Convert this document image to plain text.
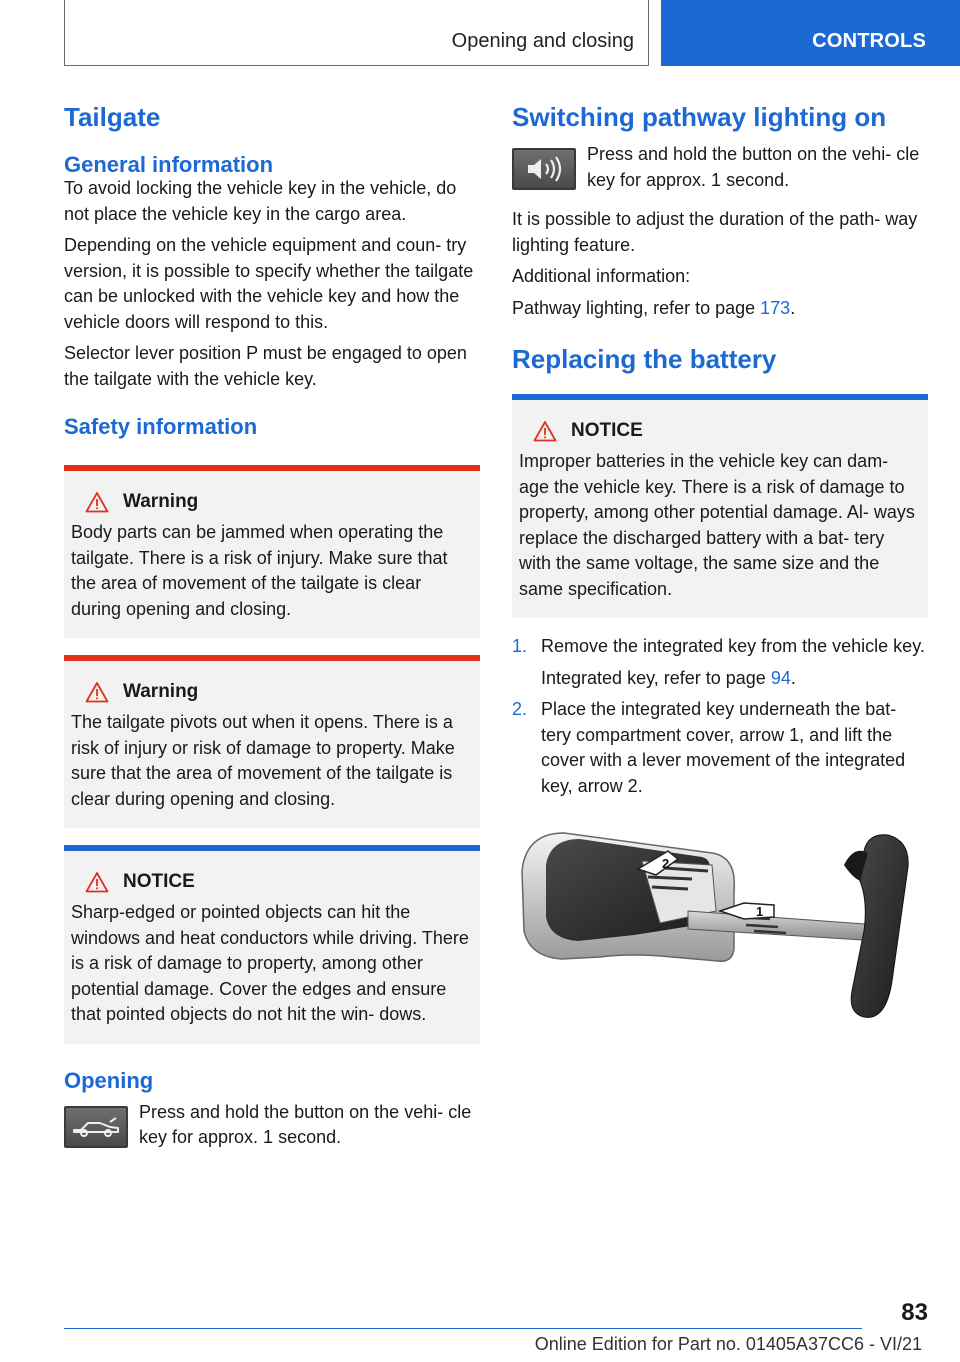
Opening and closing	CONTROLS
Tailgate
General information

To avoid locking the vehicle key in the vehicle, do not place the vehicle key in the cargo area.

Depending on the vehicle equipment and coun‐ try version, it is possible to specify whether the tailgate can be unlocked with the vehicle key and how the vehicle doors will respond to this.

Selector lever position P must be engaged to open the tailgate with the vehicle key.

Safety information
Warning

Body parts can be jammed when operating the tailgate. There is a risk of injury. Make sure that the area of movement of the tailgate is clear during opening and closing.

Warning

The tailgate pivots out when it opens. There is a risk of injury or risk of damage to property. Make sure that the area of movement of the tailgate is clear during opening and closing.

NOTICE

Sharp-edged or pointed objects can hit the windows and heat conductors while driving. There is a risk of damage to property, among other potential damage. Cover the edges and ensure that pointed objects do not hit the win‐ dows.

Opening

Press and hold the button on the vehi‐ cle key for approx. 1 second.

Switching pathway lighting on

Press and hold the button on the vehi‐ cle key for approx. 1 second.

It is possible to adjust the duration of the path‐ way lighting feature.

Additional information:

Pathway lighting, refer to page 173.

Replacing the battery
NOTICE

Improper batteries in the vehicle key can dam‐ age the vehicle key. There is a risk of damage to property, among other potential damage. Al‐ ways replace the discharged battery with a bat‐ tery with the same voltage, the same size and the same specification.

1. Remove the integrated key from the vehicle key.

Integrated key, refer to page 94.

2. Place the integrated key underneath the bat‐ tery compartment cover, arrow 1, and lift the cover with a lever movement of the integrated key, arrow 2.

2
1
83
Online Edition for Part no. 01405A37CC6 - VI/21
